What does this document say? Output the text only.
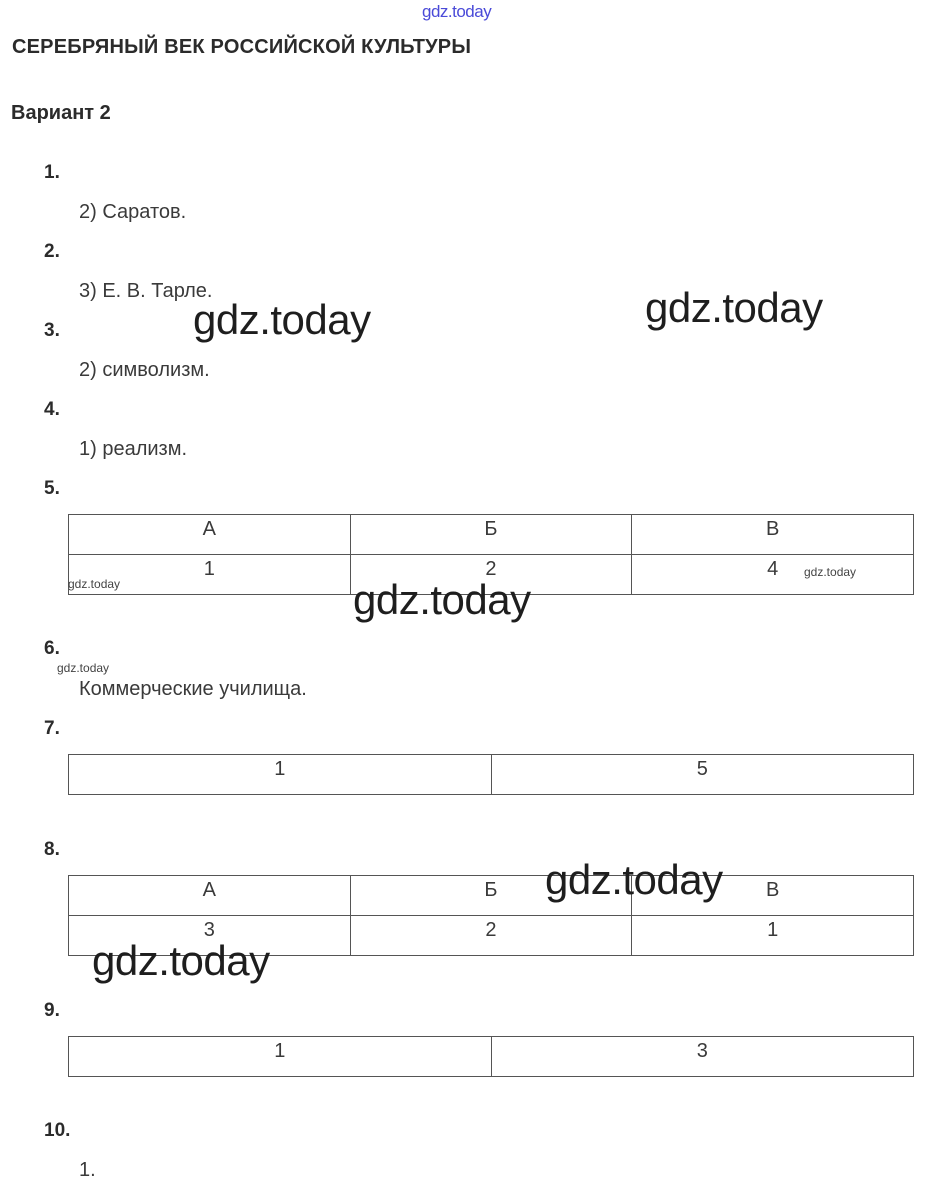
gdz.today
СЕРЕБРЯНЫЙ ВЕК РОССИЙСКОЙ КУЛЬТУРЫ
Вариант 2
1.
2) Саратов.
2.
3) Е. В. Тарле.
3.
2) символизм.
4.
1) реализм.
5.
А	Б	В
1	2	4
6.
Коммерческие училища.
7.
1	5
8.
А	Б	В
3	2	1
9.
1	3
10.
1.
gdz.today	gdz.today
gdz.today
gdz.today
gdz.today
gdz.today
gdz.today
gdz.today
